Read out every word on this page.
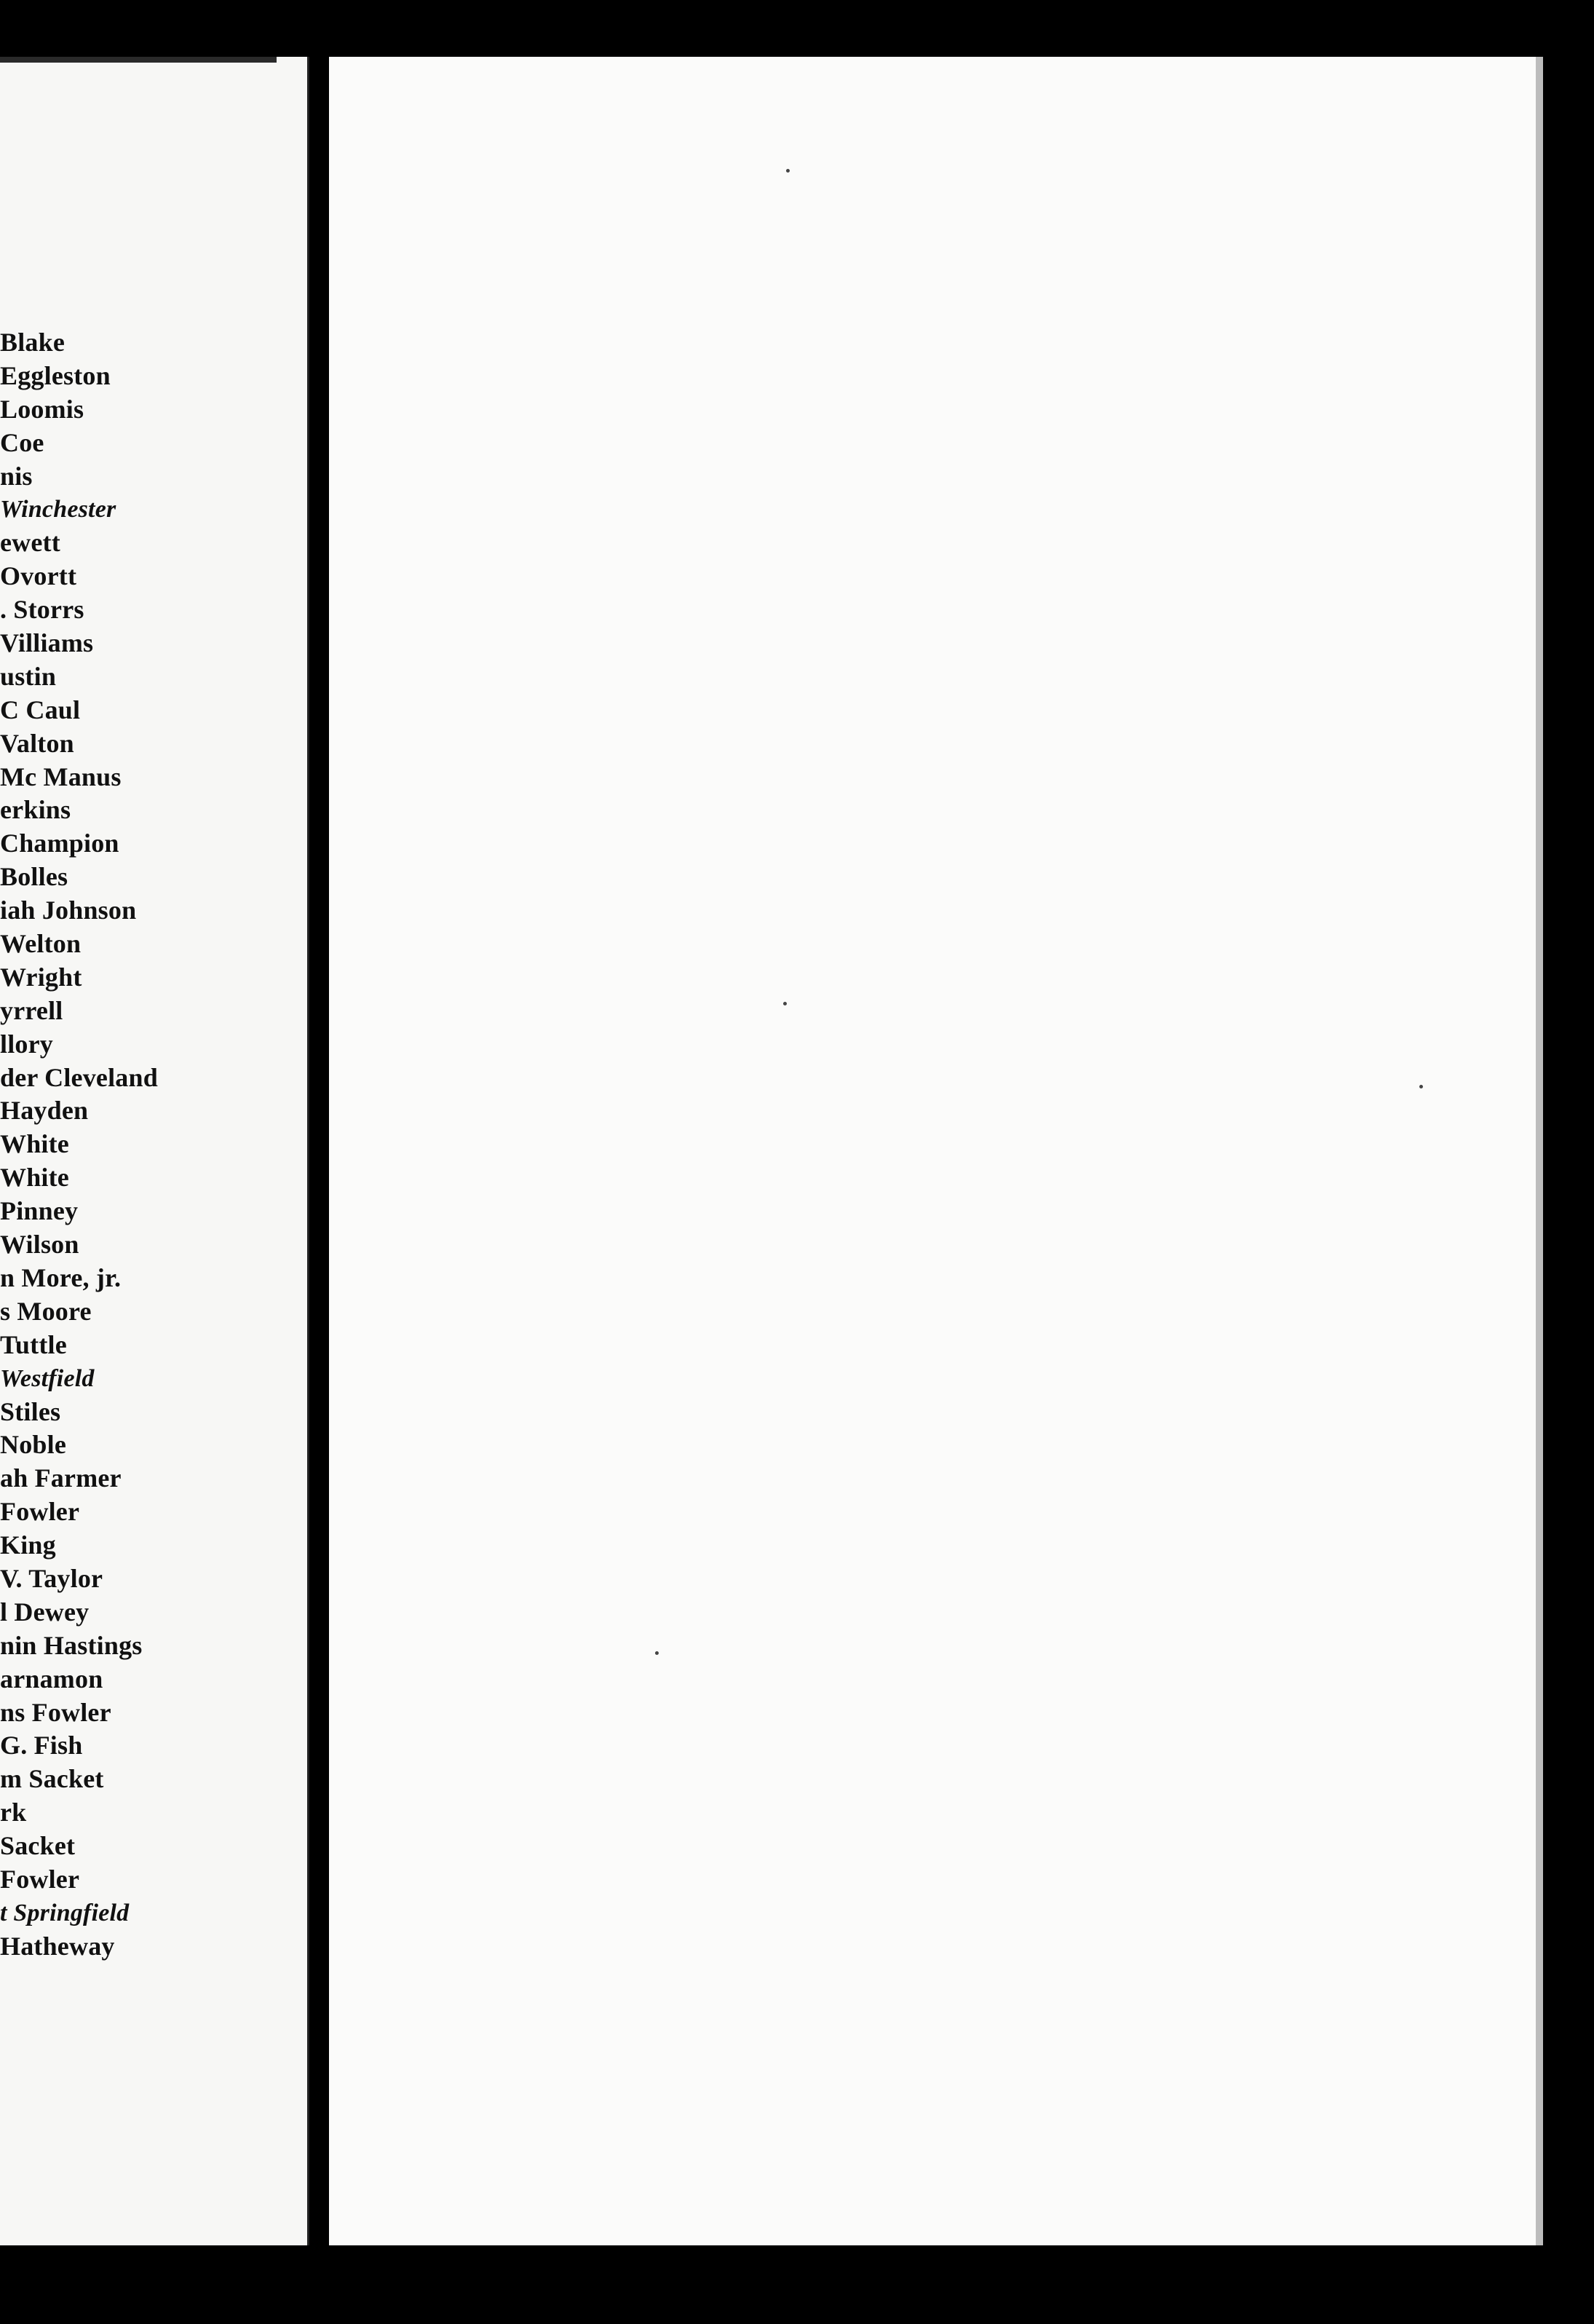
Blake
Eggleston
Loomis
Coe
nis
Winchester
ewett
Ovortt
. Storrs
Villiams
ustin
C Caul
Valton
Mc Manus
erkins
Champion
Bolles
iah Johnson
Welton
Wright
yrrell
llory
der Cleveland
Hayden
White
White
Pinney
Wilson
n More, jr.
s Moore
Tuttle
Westfield
Stiles
Noble
ah Farmer
Fowler
King
V. Taylor
l Dewey
nin Hastings
arnamon
ns Fowler
G. Fish
m Sacket
rk
Sacket
Fowler
t Springfield
Hatheway
